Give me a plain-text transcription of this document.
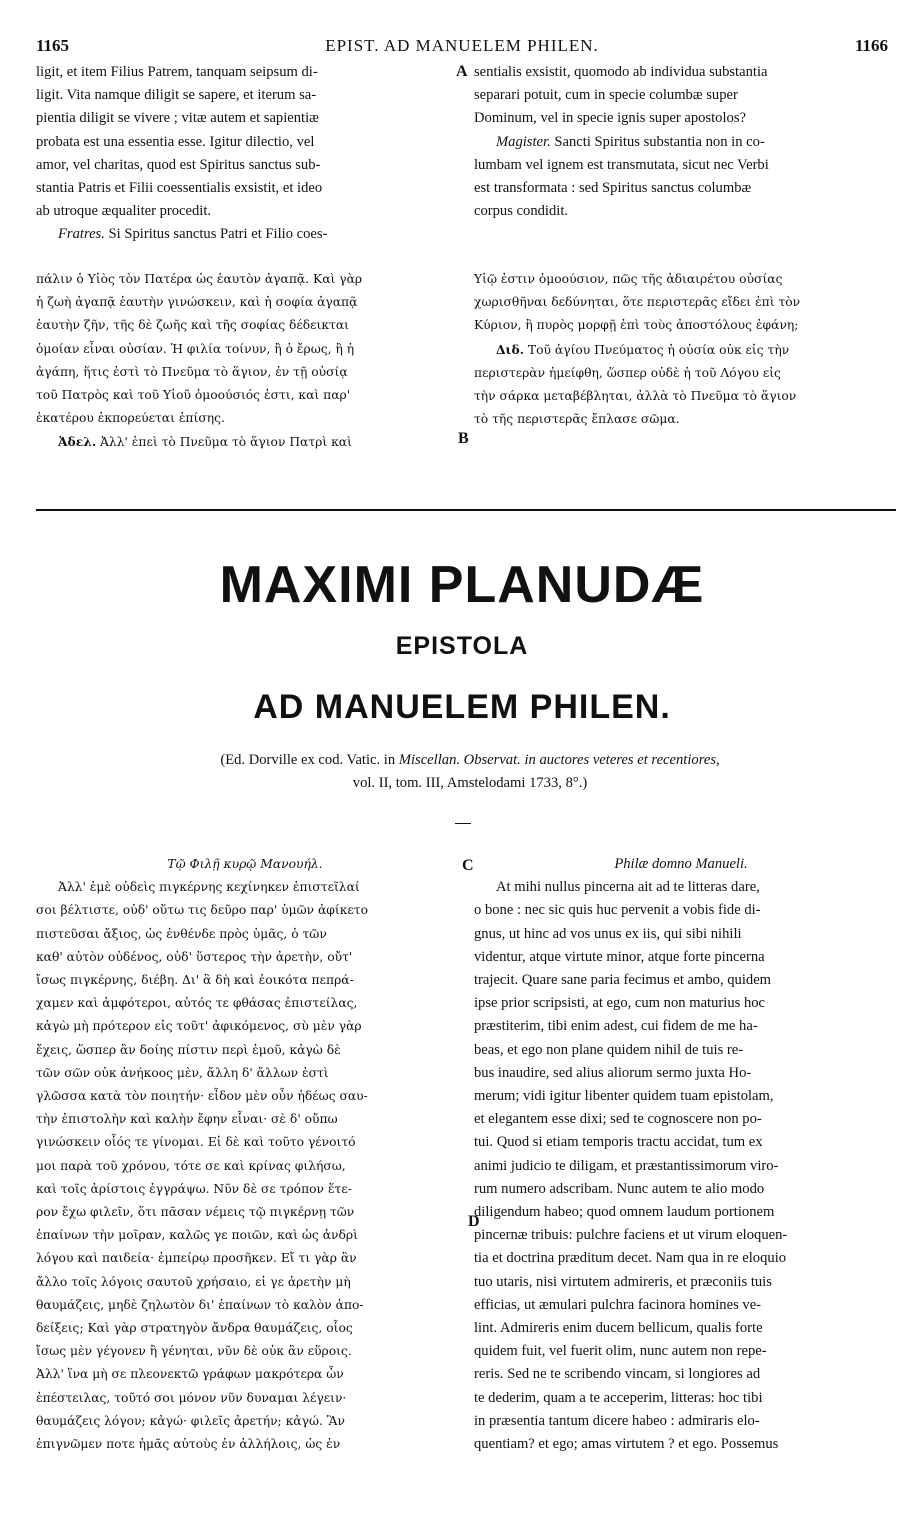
1165	EPIST. AD MANUELEM PHILEN.	1166

ligit, et item Filius Patrem, tanquam seipsum di-

ligit. Vita namque diligit se sapere, et iterum sa-

pientia diligit se vivere ; vitæ autem et sapientiæ

probata est una essentia esse. Igitur dilectio, vel

amor, vel charitas, quod est Spiritus sanctus sub-

stantia Patris et Filii coessentialis exsistit, et ideo

ab utroque æqualiter procedit.

Fratres. Si Spiritus sanctus Patri et Filio coes-

sentialis exsistit, quomodo ab individua substantia

separari potuit, cum in specie columbæ super

Dominum, vel in specie ignis super apostolos?

Magister. Sancti Spiritus substantia non in co-

lumbam vel ignem est transmutata, sicut nec Verbi

est transformata : sed Spiritus sanctus columbæ

corpus condidit.

πάλιν ὁ Υἱὸς τὸν Πατέρα ὡς ἑαυτὸν ἀγαπᾷ. Καὶ γὰρ

ἡ ζωὴ ἀγαπᾷ ἑαυτὴν γινώσκειν, καὶ ἡ σοφία ἀγαπᾷ

ἑαυτὴν ζῆν, τῆς δὲ ζωῆς καὶ τῆς σοφίας δέδεικται

ὁμοίαν εἶναι οὐσίαν. Ἡ φιλία τοίνυν, ἢ ὁ ἔρως, ἢ ἡ

ἀγάπη, ἥτις ἐστὶ τὸ Πνεῦμα τὸ ἅγιον, ἐν τῇ οὐσίᾳ

τοῦ Πατρὸς καὶ τοῦ Υἱοῦ ὁμοούσιός ἐστι, καὶ παρ'

ἑκατέρου ἐκπορεύεται ἐπίσης.

Ἀδελ. Ἀλλ' ἐπεὶ τὸ Πνεῦμα τὸ ἅγιον Πατρὶ καὶ

Υἱῷ ἐστιν ὁμοούσιον, πῶς τῆς ἀδιαιρέτου οὐσίας

χωρισθῆναι δεδύνηται, ὅτε περιστερᾶς εἴδει ἐπὶ τὸν

Κύριον, ἢ πυρὸς μορφῇ ἐπὶ τοὺς ἀποστόλους ἐφάνη;

Διδ. Τοῦ ἁγίου Πνεύματος ἡ οὐσία οὐκ εἰς τὴν

περιστερὰν ἠμείφθη, ὥσπερ οὐδὲ ἡ τοῦ Λόγου εἰς

τὴν σάρκα μεταβέβληται, ἀλλὰ τὸ Πνεῦμα τὸ ἅγιον

τὸ τῆς περιστερᾶς ἔπλασε σῶμα.

A
B
MAXIMI PLANUDÆ
EPISTOLA
AD MANUELEM PHILEN.
(Ed. Dorville ex cod. Vatic. in Miscellan. Observat. in auctores veteres et recentiores,
vol. II, tom. III, Amstelodami 1733, 8°.)

Τῷ Φιλῇ κυρῷ Μανουήλ.

Ἀλλ' ἐμὲ οὐδεὶς πιγκέρνης κεχίνηκεν ἐπιστεῖλαί

σοι βέλτιστε, οὐδ' οὕτω τις δεῦρο παρ' ὑμῶν ἀφίκετο

πιστεῦσαι ἄξιος, ὡς ἐνθένδε πρὸς ὑμᾶς, ὁ τῶν

καθ' αὐτὸν οὐδένος, οὐδ' ὕστερος τὴν ἀρετὴν, οὔτ'

ἴσως πιγκέρνης, διέβη. Δι' ἃ δὴ καὶ ἐοικότα πεπρά-

χαμεν καὶ ἀμφότεροι, αὐτός τε φθάσας ἐπιστείλας,

κἀγὼ μὴ πρότερον εἰς τοῦτ' ἀφικόμενος, σὺ μὲν γὰρ

ἔχεις, ὥσπερ ἂν δοίης πίστιν περὶ ἐμοῦ, κἀγὼ δὲ

τῶν σῶν οὐκ ἀνήκοος μὲν, ἄλλη δ' ἄλλων ἐστὶ

γλῶσσα κατὰ τὸν ποιητήν· εἶδον μὲν οὖν ἡδέως σαυ-

τὴν ἐπιστολὴν καὶ καλὴν ἔφην εἶναι· σὲ δ' οὔπω

γινώσκειν οἷός τε γίνομαι. Εἰ δὲ καὶ τοῦτο γένοιτό

μοι παρὰ τοῦ χρόνου, τότε σε καὶ κρίνας φιλήσω,

καὶ τοῖς ἀρίστοις ἐγγράψω. Νῦν δὲ σε τρόπον ἕτε-

ρον ἔχω φιλεῖν, ὅτι πᾶσαν νέμεις τῷ πιγκέρνῃ τῶν

ἐπαίνων τὴν μοῖραν, καλῶς γε ποιῶν, καὶ ὡς ἀνδρὶ

λόγου καὶ παιδεία· ἐμπείρῳ προσῆκεν. Εἴ τι γὰρ ἂν

ἄλλο τοῖς λόγοις σαυτοῦ χρήσαιο, εἰ γε ἀρετὴν μὴ

θαυμάζεις, μηδὲ ζηλωτὸν δι' ἐπαίνων τὸ καλὸν ἀπο-

δείξεις; Καὶ γὰρ στρατηγὸν ἄνδρα θαυμάζεις, οἷος

ἴσως μὲν γέγονεν ἢ γένηται, νῦν δὲ οὐκ ἂν εὕροις.

Ἀλλ' ἵνα μὴ σε πλεονεκτῶ γράφων μακρότερα ὧν

ἐπέστειλας, τοῦτό σοι μόνον νῦν δυναμαι λέγειν·

θαυμάζεις λόγον; κἀγώ· φιλεῖς ἀρετήν; κἀγώ. Ἂν

ἐπιγνῶμεν ποτε ἡμᾶς αὐτοὺς ἐν ἀλλήλοις, ὡς ἐν

Philæ domno Manueli.

At mihi nullus pincerna ait ad te litteras dare,

o bone : nec sic quis huc pervenit a vobis fide di-

gnus, ut hinc ad vos unus ex iis, qui sibi nihili

videntur, atque virtute minor, atque forte pincerna

trajecit. Quare sane paria fecimus et ambo, quidem

ipse prior scripsisti, at ego, cum non maturius hoc

præstiterim, tibi enim adest, cui fidem de me ha-

beas, et ego non plane quidem nihil de tuis re-

bus inaudire, sed alius aliorum sermo juxta Ho-

merum; vidi igitur libenter quidem tuam epistolam,

et elegantem esse dixi; sed te cognoscere non po-

tui. Quod si etiam temporis tractu accidat, tum ex

animi judicio te diligam, et præstantissimorum viro-

rum numero adscribam. Nunc autem te alio modo

diligendum habeo; quod omnem laudum portionem

pincernæ tribuis: pulchre faciens et ut virum eloquen-

tia et doctrina præditum decet. Nam qua in re eloquio

tuo utaris, nisi virtutem admireris, et præconiis tuis

efficias, ut æmulari pulchra facinora homines ve-

lint. Admireris enim ducem bellicum, qualis forte

quidem fuit, vel fuerit olim, nunc autem non repe-

reris. Sed ne te scribendo vincam, si longiores ad

te dederim, quam a te acceperim, litteras: hoc tibi

in præsentia tantum dicere habeo : admiraris elo-

quentiam? et ego; amas virtutem ? et ego. Possemus

C
D
